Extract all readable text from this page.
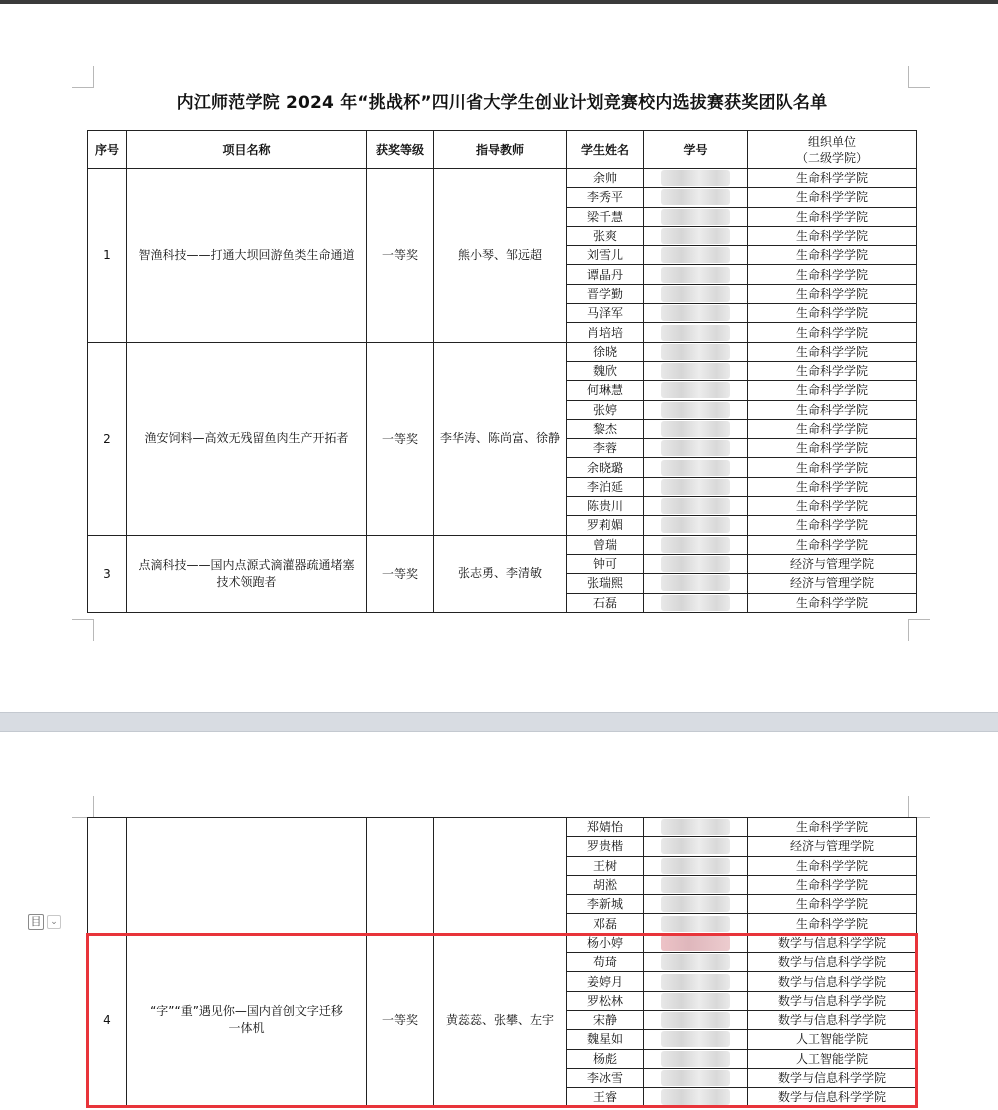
内江师范学院 2024 年“挑战杯”四川省大学生创业计划竞赛校内选拔赛获奖团队名单
序号	项目名称	获奖等级	指导教师	学生姓名	学号	组织单位
（二级学院）

1	智渔科技——打通大坝回游鱼类生命通道	一等奖	熊小琴、邹远超	余帅		生命科学学院
				李秀平		生命科学学院
				梁千慧		生命科学学院
				张爽		生命科学学院
				刘雪儿		生命科学学院
				谭晶丹		生命科学学院
				晋学勤		生命科学学院
				马泽军		生命科学学院
				肖培培		生命科学学院
2	渔安饲料—高效无残留鱼肉生产开拓者	一等奖	李华涛、陈尚富、徐静	徐晓		生命科学学院
				魏欣		生命科学学院
				何琳慧		生命科学学院
				张婷		生命科学学院
				黎杰		生命科学学院
				李蓉		生命科学学院
				余晓璐		生命科学学院
				李泊延		生命科学学院
				陈贵川		生命科学学院
				罗莉媚		生命科学学院
3	点滴科技——国内点源式滴灌器疏通堵塞
技术领跑者	一等奖	张志勇、李清敏	曾瑞		生命科学学院
				钟可		经济与管理学院
				张瑞熙		经济与管理学院
				石磊		生命科学学院
目 ⌄
				郑婧怡		生命科学学院
				罗贵楷		经济与管理学院
				王树		生命科学学院
				胡淞		生命科学学院
				李新城		生命科学学院
				邓磊		生命科学学院
4	“字”“重”遇见你—国内首创文字迁移
一体机	一等奖	黄蕊蕊、张攀、左宇	杨小婷		数学与信息科学学院
				苟琦		数学与信息科学学院
				姜婷月		数学与信息科学学院
				罗松林		数学与信息科学学院
				宋静		数学与信息科学学院
				魏星如		人工智能学院
				杨彪		人工智能学院
				李冰雪		数学与信息科学学院
				王睿		数学与信息科学学院
